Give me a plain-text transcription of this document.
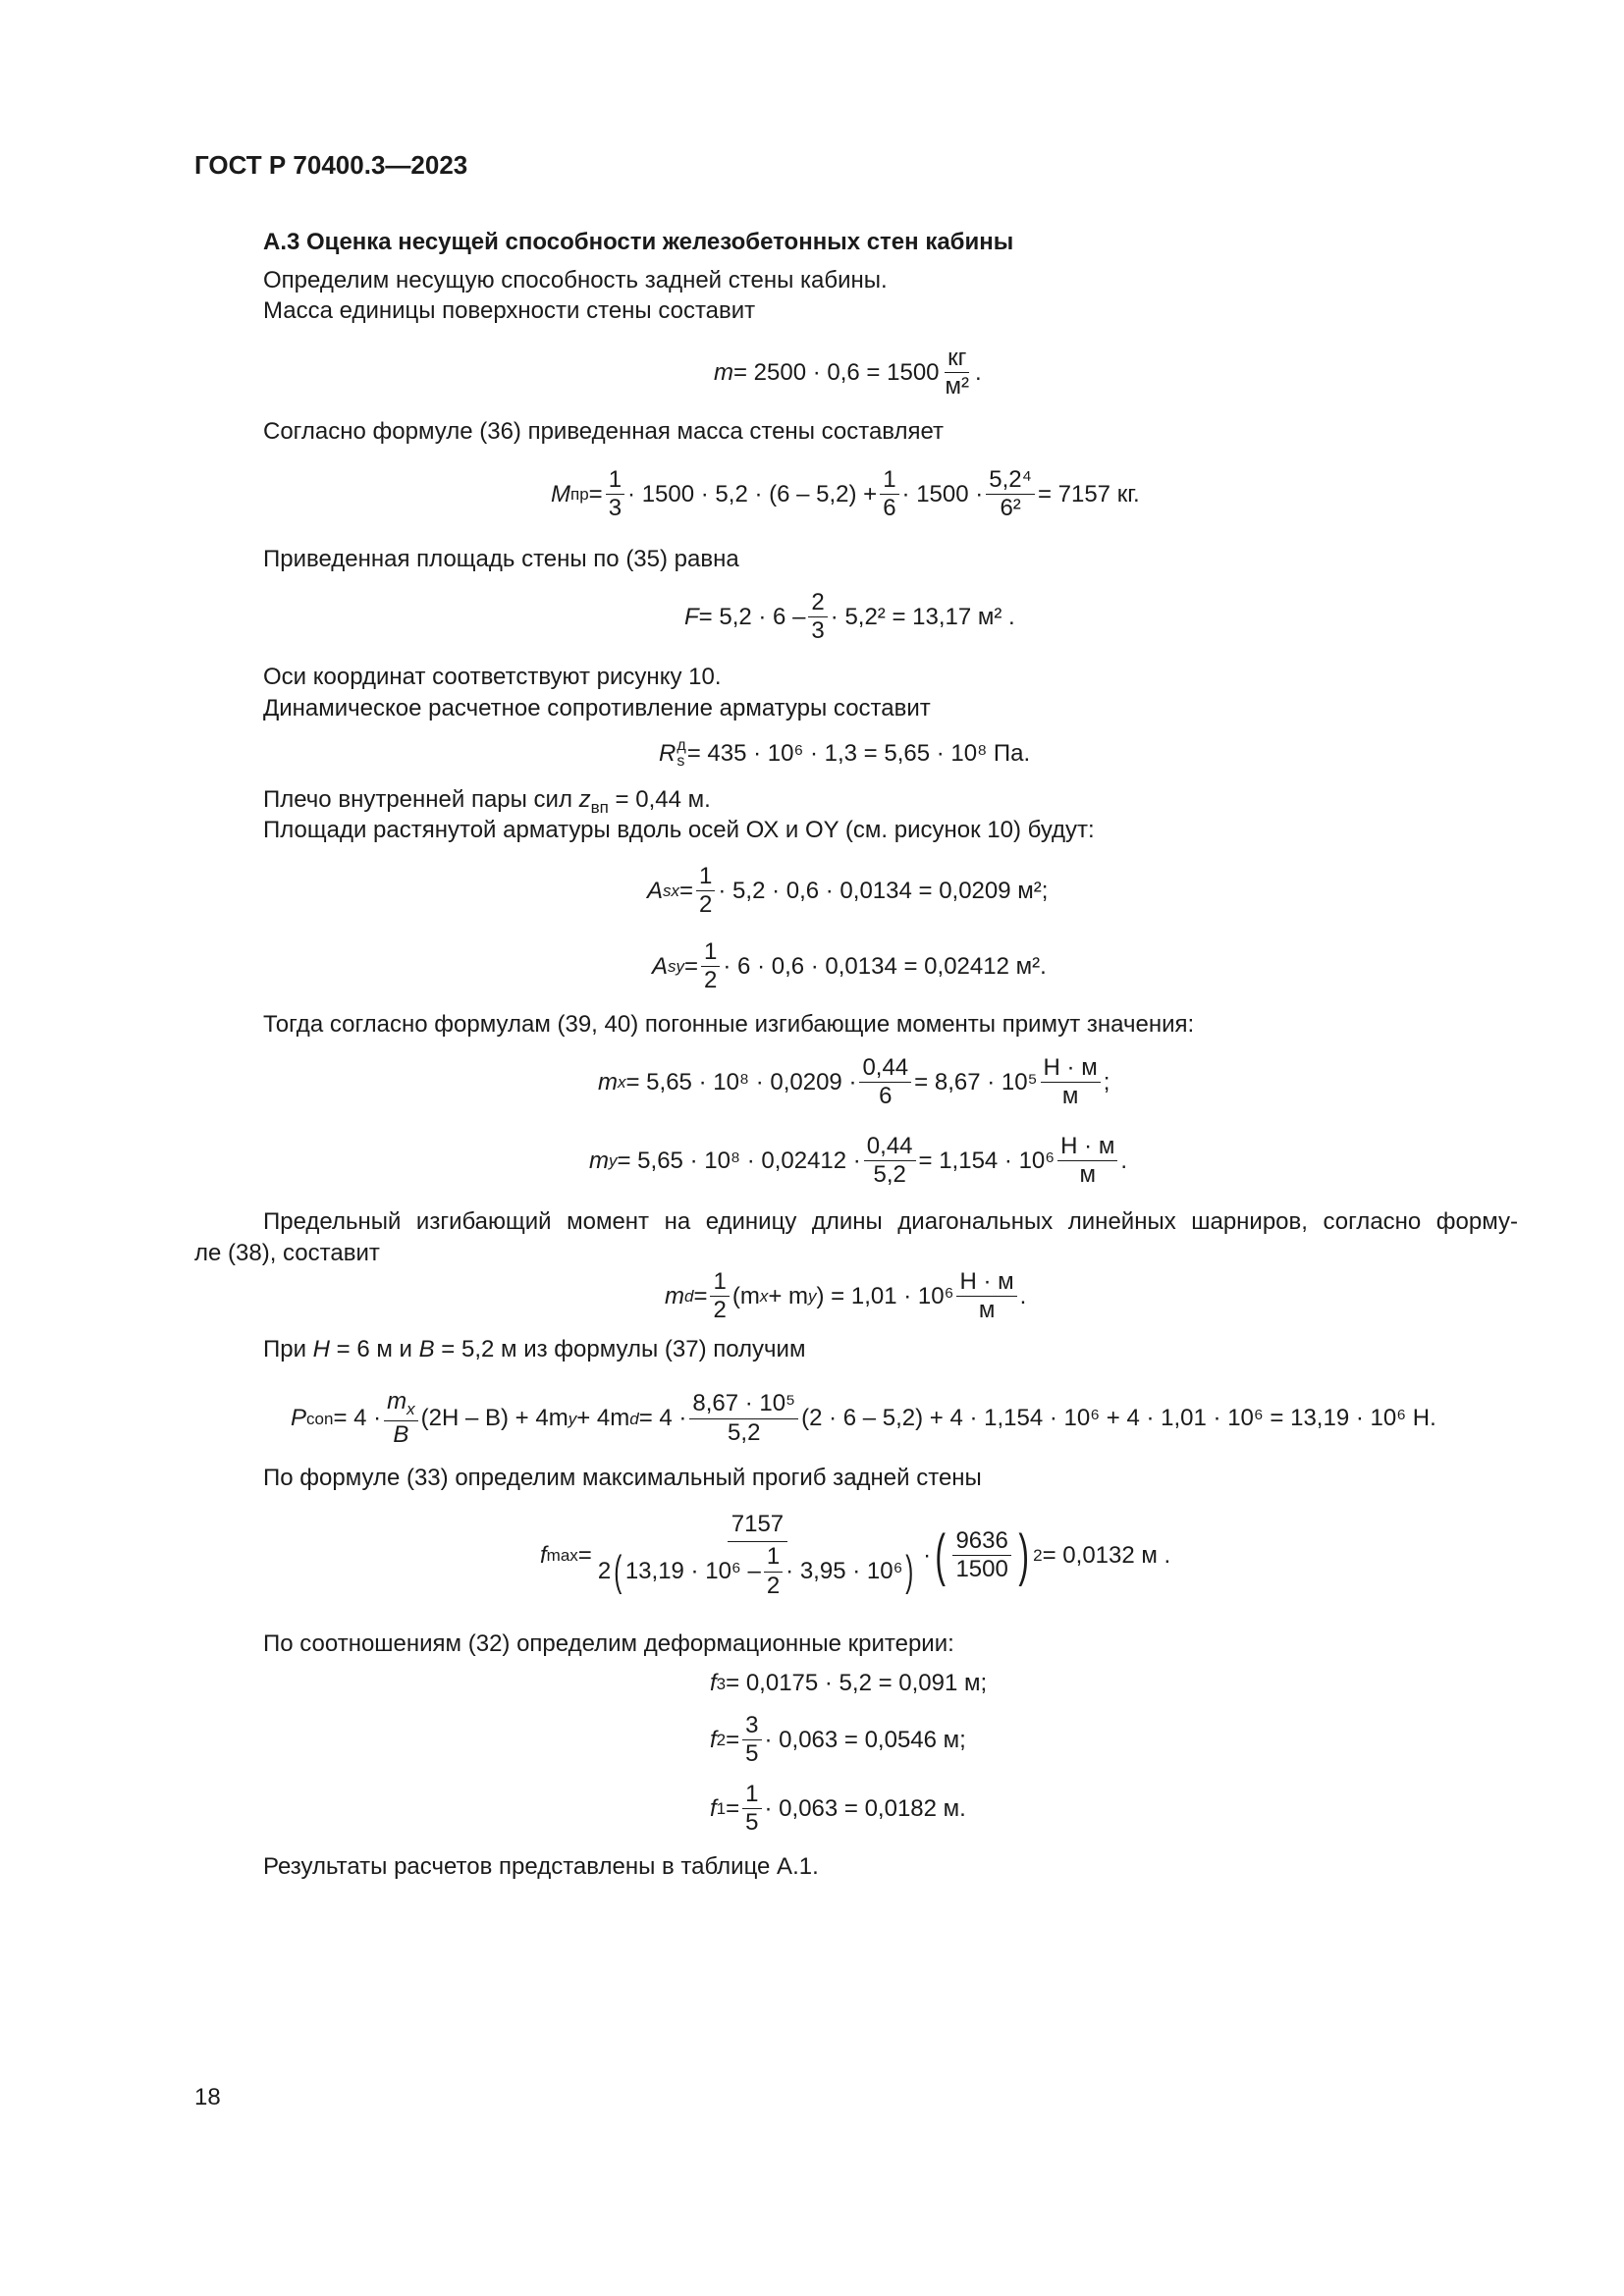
ГОСТ Р 70400.3—2023
А.3 Оценка несущей способности железобетонных стен кабины
Определим несущую способность задней стены кабины.
Масса единицы поверхности стены составит
$m = 2500 \cdot 0,6 = 1500 \frac{кг}{\text{м²}}$ .
Согласно формуле (36) приведенная масса стены составляет
M пр = $\frac{1}{3} \cdot 1500 \cdot 5,2 \cdot (6 - 5,2) + \frac{1}{6} \cdot 1500 \cdot \frac{\text{5,2⁴}}{\text{6²}} = 7157$ кг.
Приведенная площадь стены по (35) равна
$F = 5,2 \cdot 6 - \frac{2}{3} \cdot 5,2^2 = 13,17$ м² .
Оси координат соответствуют рисунку 10.
Динамическое расчетное сопротивление арматуры составит
R д
s = 435 · 10⁶ · 1,3 = 5,65 · 10⁸ Па.
Плечо внутренней пары сил $z_{вп} = 0,44$ м.
Площади растянутой арматуры вдоль осей ОХ и OY (см. рисунок 10) будут:
A sx = $\frac{1}{2} \cdot 5,2 \cdot 0,6 \cdot 0,0134 = 0,0209$ м²;
A sy = $\frac{1}{2} \cdot 6 \cdot 0,6 \cdot 0,0134 = 0,02412$ м².
Тогда согласно формулам (39, 40) погонные изгибающие моменты примут значения:
m $x = 5,65 \cdot 10^8 \cdot 0,0209 \cdot \frac{0,44}{6} = 8,67 \cdot 10^5 \frac{Н \cdot м}{м}$ ;
m $y = 5,65 \cdot 10^8 \cdot 0,02412 \cdot \frac{0,44}{5,2} = 1,154 \cdot 10^6 \frac{Н \cdot м}{м}$ .
Предельный изгибающий момент на единицу длины диагональных линейных шарниров, согласно форму-
ле (38), составит
m $d = \frac{1}{2} (m$ x + m y ) = $1,01 \cdot 10^6 \frac{Н \cdot м}{м}$ .
При H = 6 м и B = 5,2 м из формулы (37) получим
P con = $4 \cdot \frac{m_x}{B} (2H - B) + 4m$ y + 4m $d = 4 \cdot \frac{\text{8,67 · 10⁵}}{5,2} (2 \cdot 6 - 5,2) + 4 \cdot 1,154 \cdot 10^6 + 4 \cdot 1,01 \cdot 10^6 = 13,19 \cdot 10^6$ Н.
По формуле (33) определим максимальный прогиб задней стены
f $\max = \frac{7157}{2 ( 13,19 \cdot 10^6 - \frac{1}{2} \cdot 3,95 \cdot 10^6 )}$ · ( $\frac{9636}{1500}$ ) 2 = 0,0132 м .
По соотношениям (32) определим деформационные критерии:
f 3 = 0,0175 · 5,2 = 0,091 м;
f $2 = \frac{3}{5} \cdot 0,063 = 0,0546$ м;
f $1 = \frac{1}{5} \cdot 0,063 = 0,0182$ м.
Результаты расчетов представлены в таблице А.1.
18
